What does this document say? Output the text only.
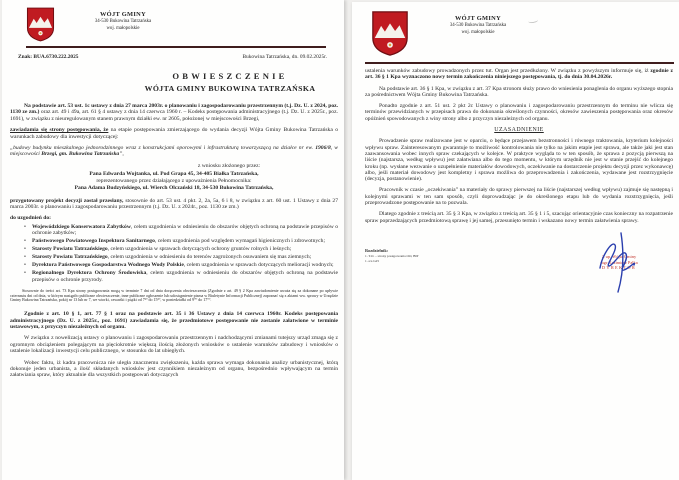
WÓJT GMINY
34-530 Bukowina Tatrzańska
woj. małopolskie
Znak: BUA.6730.222.2025	Bukowina Tatrzańska, dn. 09.02.2025r.
OBWIESZCZENIE
WÓJTA GMINY BUKOWINA TATRZAŃSKA

Na podstawie art. 53 ust. 1c ustawy z dnia 27 marca 2003r. o planowaniu i zagospodarowaniu przestrzennym (t.j. Dz. U. z 2024, poz. 1130 ze zm.) oraz art. 49 i 49a, art. 61 § 4 ustawy z dnia 14 czerwca 1960 r. – Kodeks postępowania administracyjnego (t.j. Dz. U. z 2025r., poz. 1691), w związku z nieuregulowanym stanem prawnym działki ew. nr 2605, położonej w miejscowości Brzegi,

zawiadamia się strony postępowania, że na etapie postępowania zmierzającego do wydania decyzji Wójta Gminy Bukowina Tatrzańska o warunkach zabudowy dla inwestycji dotyczącej:

„budowy budynku mieszkalnego jednorodzinnego wraz z konstrukcjami oporowymi i infrastrukturą towarzyszącą na działce nr ew. 1906/8, w miejscowości Brzegi, gm. Bukowina Tatrzańska”,

z wniosku złożonego przez:

Pana Edwarda Wojtanka, ul. Pod Grapa 45, 34-405 Białka Tatrzańska,
reprezentowanego przez działającego z upoważnienia Pełnomocnika:
Pana Adama Budzyńskiego, ul. Wierch Olczański 18, 34-530 Bukowina Tatrzańska,

przygotowany projekt decyzji został przesłany, stosownie do art. 53 ust. 4 pkt. 2, 2a, 5a, 6 i 8, w związku z art. 60 ust. 1 Ustawy z dnia 27 marca 2003r. o planowaniu i zagospodarowaniu przestrzennym (t.j. Dz. U. z 2024r., poz. 1130 ze zm.)

do uzgodnień do:

• Wojewódzkiego Konserwatora Zabytków, celem uzgodnienia w odniesieniu do obszarów objętych ochroną na podstawie przepisów o ochronie zabytków;
• Państwowego Powiatowego Inspektora Sanitarnego, celem uzgodnienia pod względem wymagań higienicznych i zdrowotnych;
• Starosty Powiatu Tatrzańskiego, celem uzgodnienia w sprawach dotyczących ochrony gruntów rolnych i leśnych;
• Starosty Powiatu Tatrzańskiego, celem uzgodnienia w odniesieniu do terenów zagrożonych osuwaniem się mas ziemnych;
• Dyrektora Państwowego Gospodarstwa Wodnego Wody Polskie, celem uzgodnienia w sprawach dotyczących melioracji wodnych;
• Regionalnego Dyrektora Ochrony Środowiska, celem uzgodnienia w odniesieniu do obszarów objętych ochroną na podstawie przepisów o ochronie przyrody.

Stosownie do treści art. 73 Kpa strony postępowania mogą w terminie 7 dni od dnia doręczenia obwieszczenia (Zgodnie z art. 49 § 2 Kpa zawiadomienie uważa się za dokonane po upływie czternastu dni od dnia, w którym nastąpiło publiczne obwieszczenie, inne publiczne ogłoszenie lub udostępnienie pisma w Biuletynie Informacji Publicznej) zapoznać się z aktami ww. sprawy w Urzędzie Gminy Bukowina Tatrzańska, pokój nr 13 lub nr 7, we wtorki, czwartki i piątki od 7³⁰ do 15³⁰, w poniedziałki od 9⁰⁰ do 17⁰⁰.

Zgodnie z art. 10 § 1, art. 77 § 1 oraz na podstawie art. 35 i 36 Ustawy z dnia 14 czerwca 1960r. Kodeks postępowania administracyjnego (Dz. U. z 2025r., poz. 1691) zawiadamia się, że przedmiotowe postępowanie nie zostanie załatwione w terminie ustawowym, z przyczyn niezależnych od organu.

W związku z nowelizacją ustawy o planowaniu i zagospodarowaniu przestrzennym i nadchodzącymi zmianami tutejszy urząd zmaga się z ogromnym obciążeniem polegającym na pięciokrotnie większą ilością złożonych wniosków o ustalenie warunków zabudowy i wniosków o ustalenie lokalizacji inwestycji celu publicznego, w stosunku do lat ubiegłych.

Wobec faktu, iż kadra pracownicza nie uległa znacznemu zwiększeniu, każda sprawa wymaga dokonania analizy urbanistycznej, którą dokonuje jeden urbanista, a ilość składanych wniosków jest czynnikiem niezależnym od organu, bezpośrednio wpływającym na termin załatwiania spraw, który aktualnie dla wszystkich postępowań dotyczących

WÓJT GMINY
34-530 Bukowina Tatrzańska
woj. małopolskie

ustalenia warunków zabudowy prowadzonych przez tut. Organ jest przedłużony. W związku z powyższym informuje się, iż zgodnie z art. 36 § 1 Kpa wyznaczono nowy termin zakończenia niniejszego postępowania, tj. do dnia 30.04.2026r.

Na podstawie art. 36 § 1 Kpa, w związku z art. 37 Kpa stronom służy prawo do wniesienia ponaglenia do organu wyższego stopnia za pośrednictwem Wójta Gminy Bukowina Tatrzańska.

Ponadto zgodnie z art. 51 ust. 2 pkt 2c Ustawy o planowaniu i zagospodarowaniu przestrzennym do terminu nie wlicza się terminów przewidzianych w przepisach prawa do dokonania określonych czynności, okresów zawieszenia postępowania oraz okresów opóźnień spowodowanych z winy strony albo z przyczyn niezależnych od organu.

UZASADNIENIE

Prowadzenie spraw realizowane jest w oparciu, o będące przejawem bezstronności i równego traktowania, kryterium kolejności wpływu spraw. Zainteresowanym gwarantuje to możliwość kontrolowania nie tylko na jakim etapie jest sprawa, ale także jaki jest stan zaawansowania wobec innych spraw czekających w kolejce. W praktyce wygląda to w ten sposób, że sprawa z pozycją pierwszą na liście (najstarsza, według wpływu) jest załatwiana albo do tego momentu, w którym urzędnik nie jest w stanie przejść do kolejnego kroku (np. wysłane wezwanie o uzupełnienie materiałów dowodowych, oczekiwanie na dostarczenie projektu decyzji przez wykonawcę) albo, jeśli materiał dowodowy jest kompletny i sprawa możliwa do przeprowadzenia i zakończenia, wydawane jest rozstrzygnięcie (decyzja, postanowienie).

Pracownik w czasie „oczekiwania” na materiały do sprawy pierwszej na liście (najstarszej według wpływu) zajmuje się następną i kolejnymi sprawami w ten sam sposób, czyli doprowadzając je do określonego etapu lub do wydania rozstrzygnięcia, jeśli przeprowadzone postępowanie na to pozwala.

Dlatego zgodnie z treścią art. 35 § 3 Kpa, w związku z treścią art. 35 § 1 i 5, szacując orientacyjnie czas konieczny na rozpatrzenie spraw poprzedzających przedmiotową sprawę i jej samej, przesunięto termin i wskazano nowy termin załatwienia sprawy.

Rozdzielnik:
1. T.O. – strony postępowania OO, BIP
1. a/a G25
Z up. Wójta Gminy
mgr Kazimierz Palka
DYREKTOR
